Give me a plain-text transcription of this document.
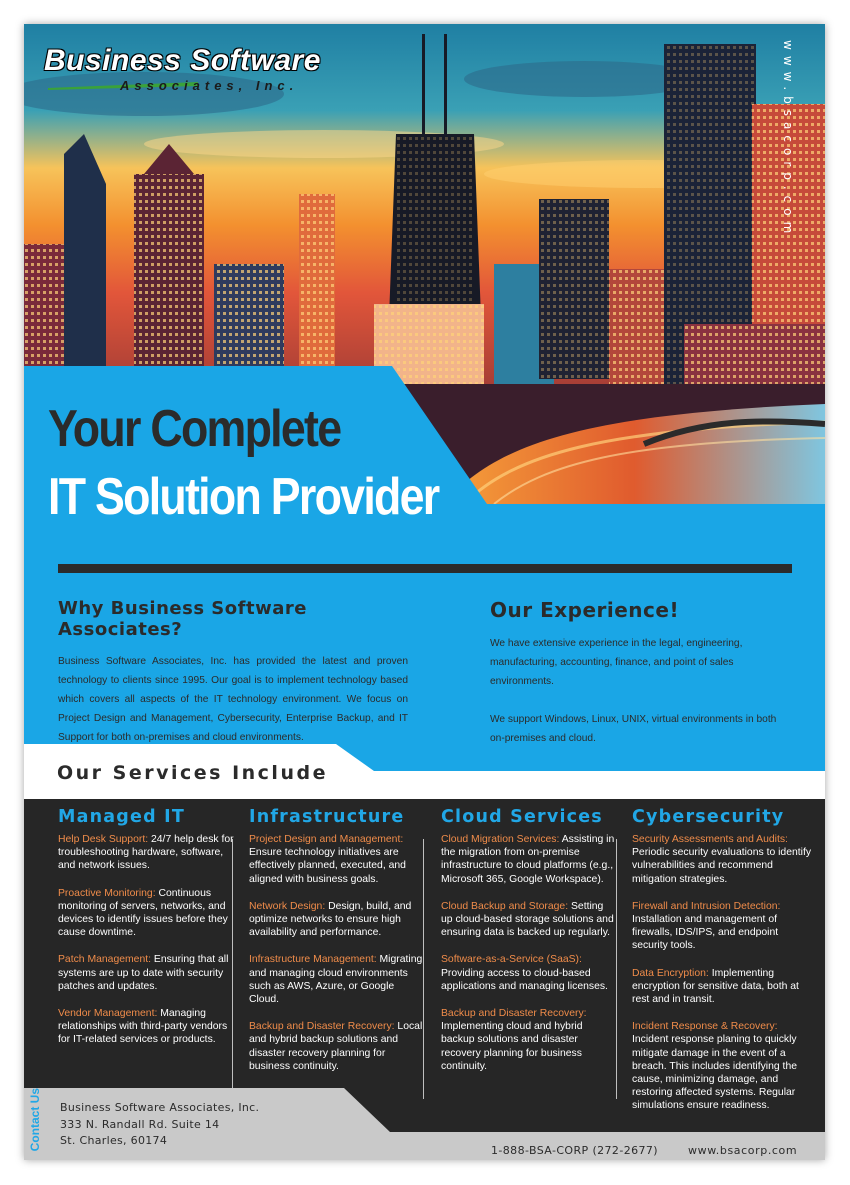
Business Software
Associates, Inc.	www.bsacorp.com
Your Complete
IT Solution Provider
Why Business Software Associates?

Business Software Associates, Inc. has provided the latest and proven technology to clients since 1995. Our goal is to implement technology based which covers all aspects of the IT technology environment. We focus on Project Design and Management, Cybersecurity, Enterprise Backup, and IT Support for both on-premises and cloud environments.

Our Experience!

We have extensive experience in the legal, engineering, manufacturing, accounting, finance, and point of sales environments.

We support Windows, Linux, UNIX, virtual environments in both on-premises and cloud.

Our Services Include
Managed IT
Help Desk Support: 24/7 help desk for troubleshooting hardware, software, and network issues.
Proactive Monitoring: Continuous monitoring of servers, networks, and devices to identify issues before they cause downtime.
Patch Management: Ensuring that all systems are up to date with security patches and updates.
Vendor Management: Managing relationships with third-party vendors for IT-related services or products.
Infrastructure
Project Design and Management: Ensure technology initiatives are effectively planned, executed, and aligned with business goals.
Network Design: Design, build, and optimize networks to ensure high availability and performance.
Infrastructure Management: Migrating and managing cloud environments such as AWS, Azure, or Google Cloud.
Backup and Disaster Recovery: Local and hybrid backup solutions and disaster recovery planning for business continuity.
Cloud Services
Cloud Migration Services: Assisting in the migration from on-premise infrastructure to cloud platforms (e.g., Microsoft 365, Google Workspace).
Cloud Backup and Storage: Setting up cloud-based storage solutions and ensuring data is backed up regularly.
Software-as-a-Service (SaaS): Providing access to cloud-based applications and managing licenses.
Backup and Disaster Recovery: Implementing cloud and hybrid backup solutions and disaster recovery planning for business continuity.
Cybersecurity
Security Assessments and Audits: Periodic security evaluations to identify vulnerabilities and recommend mitigation strategies.
Firewall and Intrusion Detection: Installation and management of firewalls, IDS/IPS, and endpoint security tools.
Data Encryption: Implementing encryption for sensitive data, both at rest and in transit.
Incident Response & Recovery: Incident response planing to quickly mitigate damage in the event of a breach. This includes identifying the cause, minimizing damage, and restoring affected systems. Regular simulations ensure readiness.
Contact Us Business Software Associates, Inc.
333 N. Randall Rd. Suite 14
St. Charles, 60174
1-888-BSA-CORP (272-2677)	www.bsacorp.com
